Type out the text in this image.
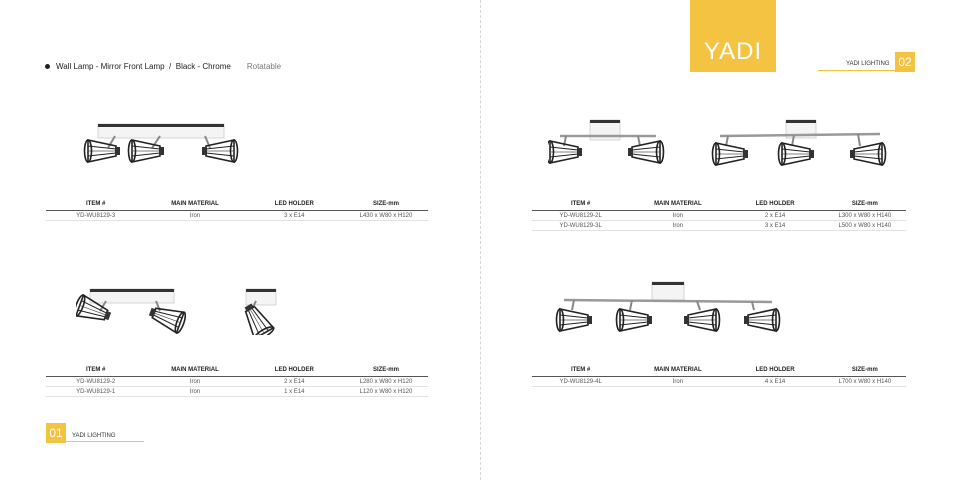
Wall Lamp - Mirror Front Lamp  /  Black - Chrome Rotatable
YADI	YADI LIGHTING 02
01	YADI LIGHTING
ITEM #	MAIN MATERIAL	LED HOLDER	SIZE-mm
YD-WU8129-3	Iron	3 x E14	L430 x W80 x H120
ITEM #	MAIN MATERIAL	LED HOLDER	SIZE-mm
YD-WU8129-2	Iron	2 x E14	L280 x W80 x H120
YD-WU8129-1	Iron	1 x E14	L120 x W80 x H120
ITEM #	MAIN MATERIAL	LED HOLDER	SIZE-mm
YD-WU8129-2L	Iron	2 x E14	L300 x W80 x H140
YD-WU8129-3L	Iron	3 x E14	L500 x W80 x H140
ITEM #	MAIN MATERIAL	LED HOLDER	SIZE-mm
YD-WU8129-4L	Iron	4 x E14	L700 x W80 x H140
